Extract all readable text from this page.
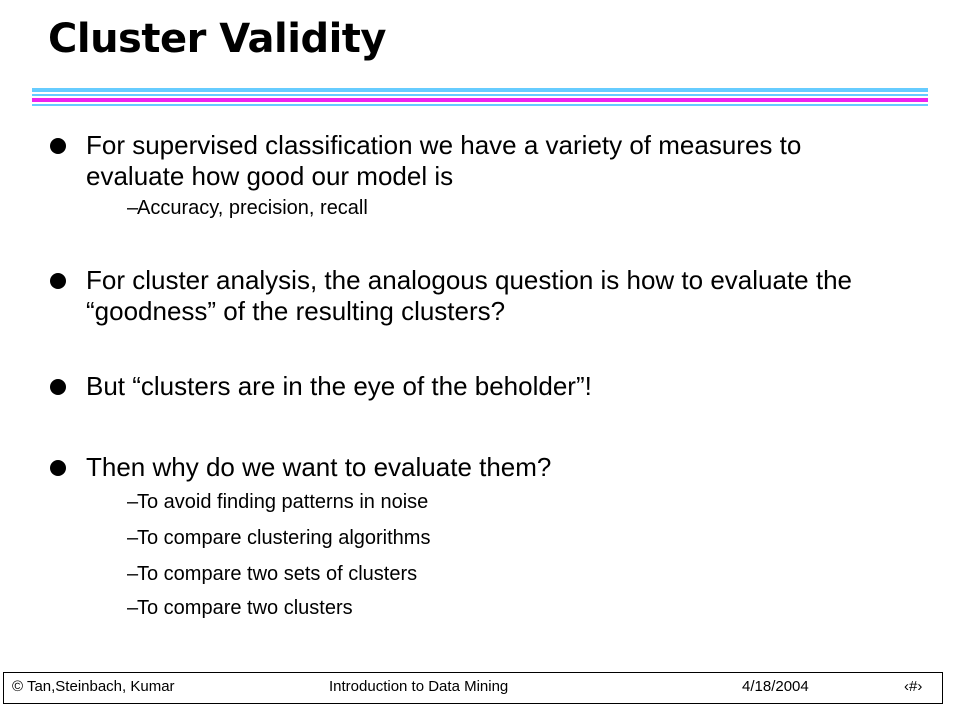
Cluster Validity
For supervised classification we have a variety of measures to evaluate how good our model is
–
Accuracy, precision, recall
For cluster analysis, the analogous question is how to evaluate the “goodness” of the resulting clusters?
But “clusters are in the eye of the beholder”!
Then why do we want to evaluate them?
–
To avoid finding patterns in noise
–
To compare clustering algorithms
–
To compare two sets of clusters
–
To compare two clusters
© Tan,Steinbach, Kumar	Introduction to Data Mining	4/18/2004	‹#›
